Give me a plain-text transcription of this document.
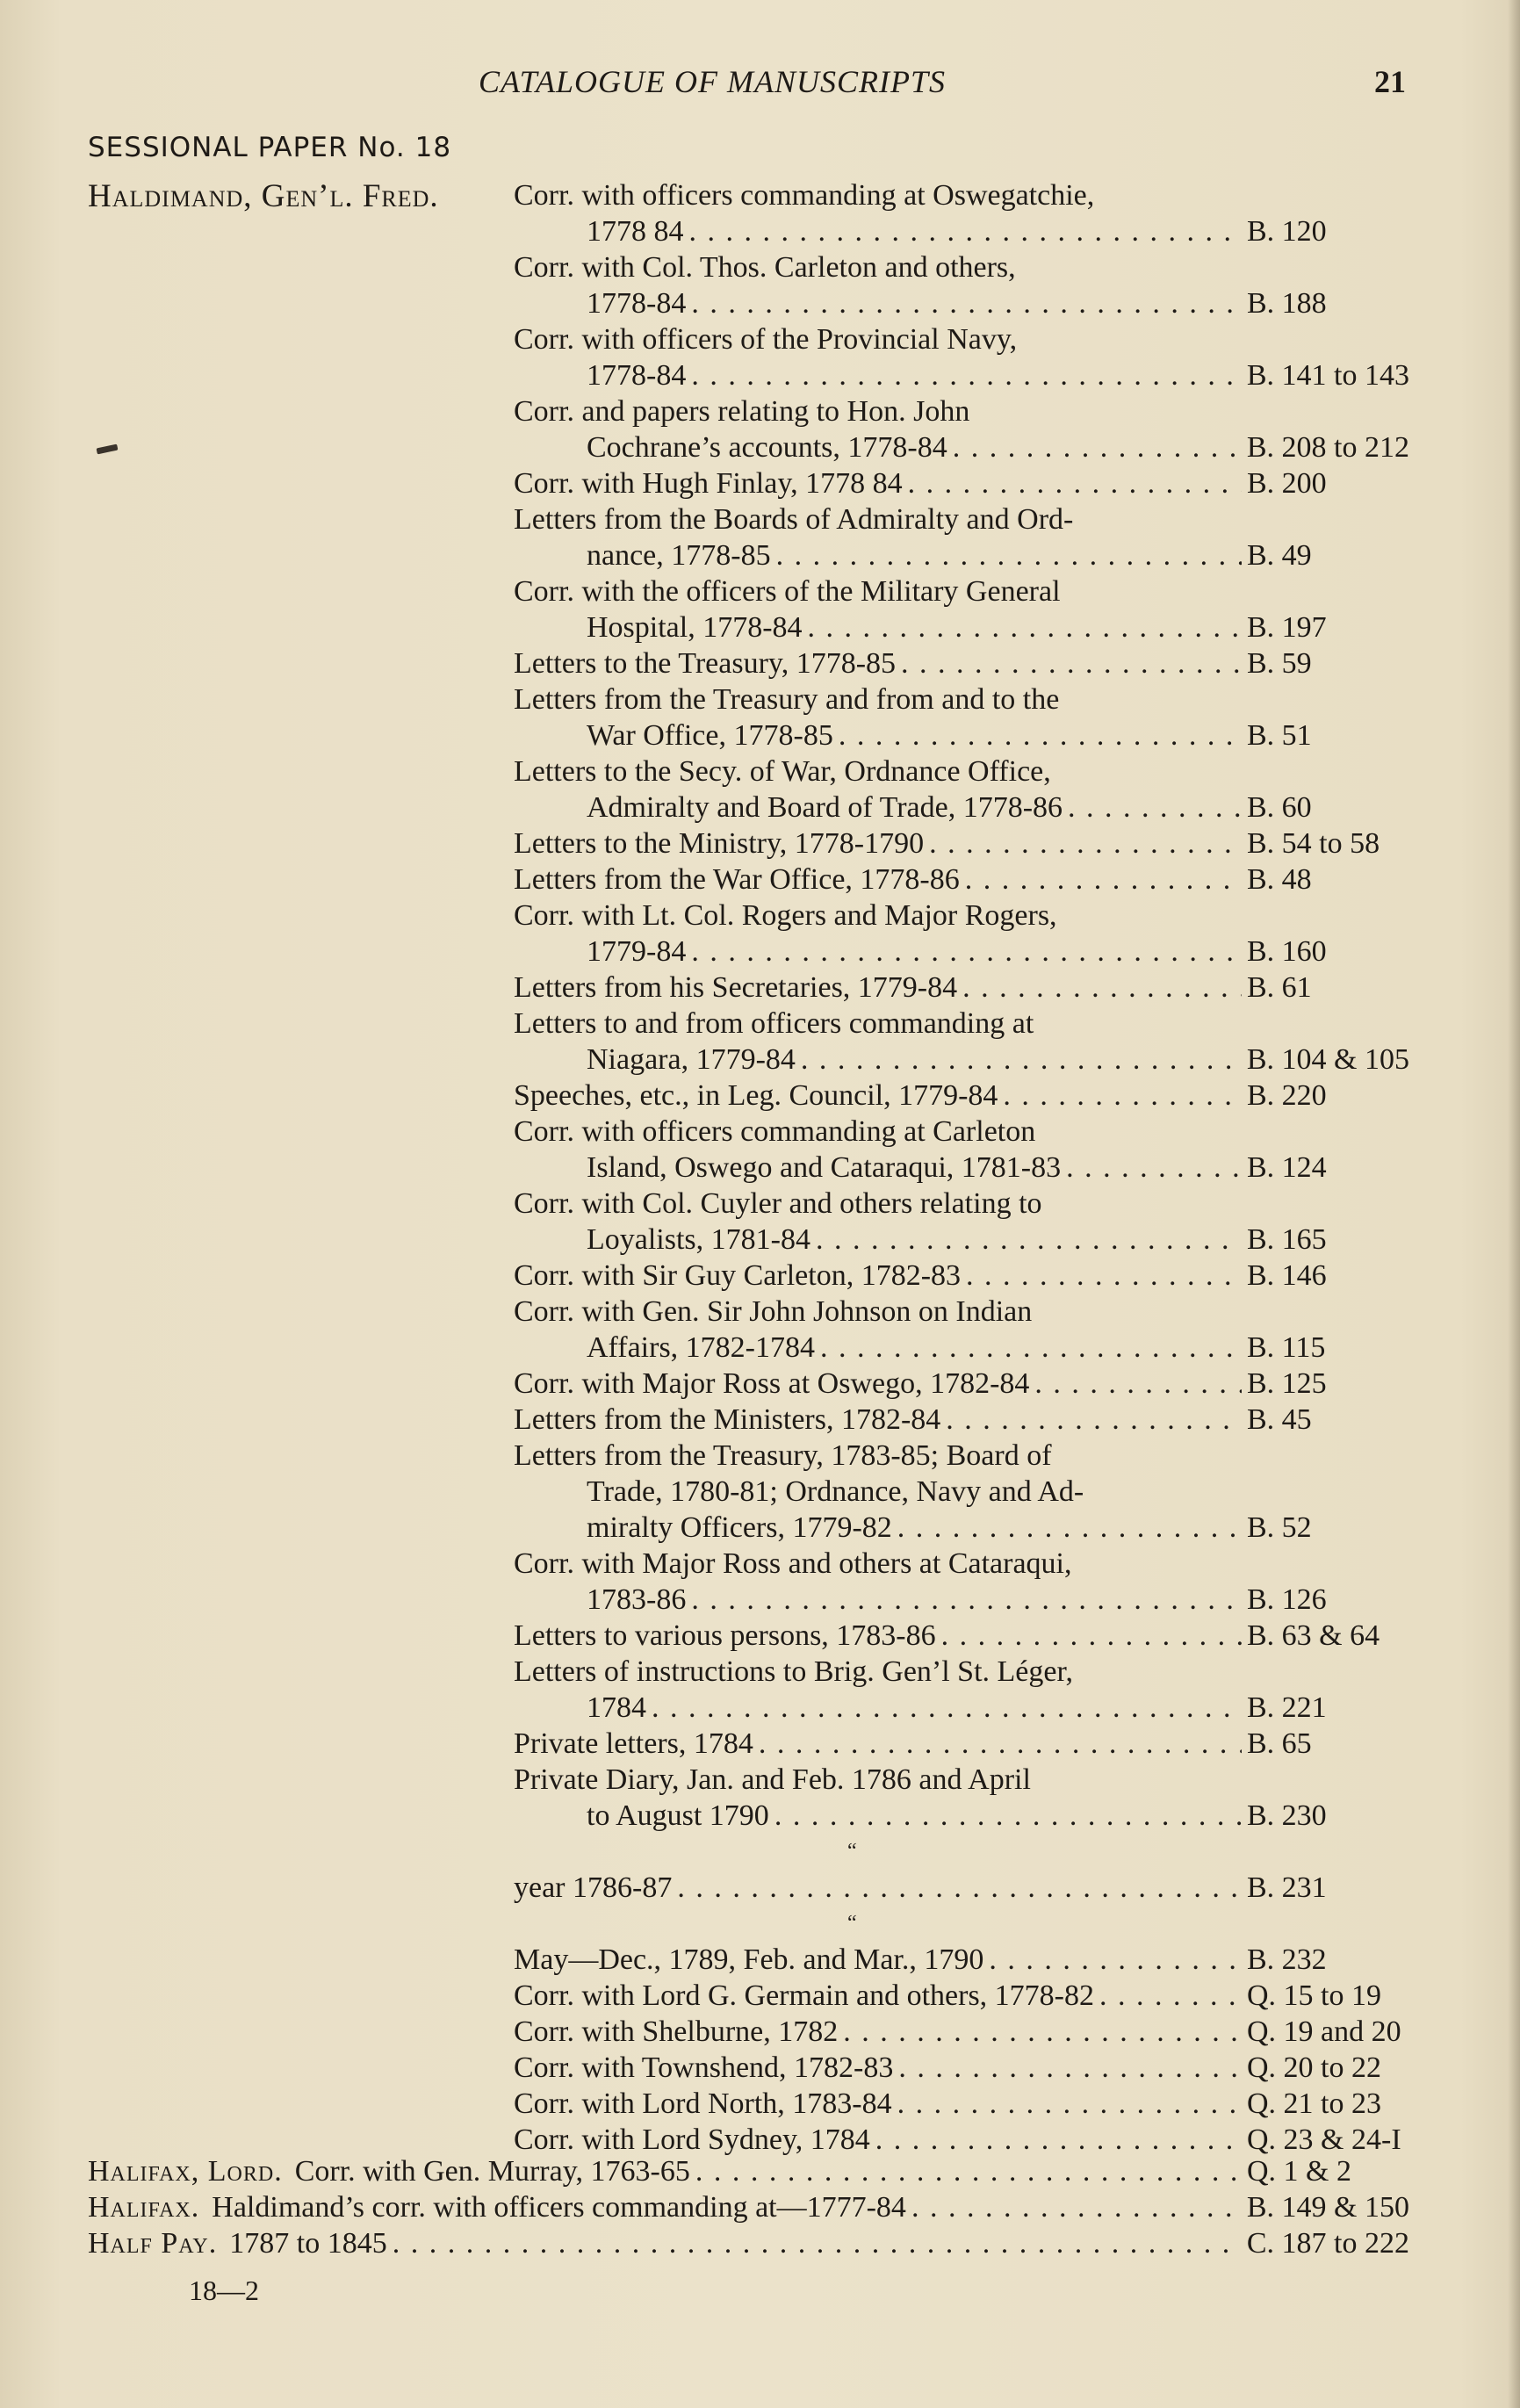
CATALOGUE OF MANUSCRIPTS	21
SESSIONAL PAPER No. 18
Haldimand, Gen’l. Fred.	Corr. with officers commanding at Oswegatchie,
1778 84 . . .	B. 120
Corr. with Col. Thos. Carleton and others,
1778-84 . . .	B. 188
Corr. with officers of the Provincial Navy,
1778-84 . . .	B. 141 to 143
Corr. and papers relating to Hon. John
Cochrane’s accounts, 1778-84 . . .	B. 208 to 212
Corr. with Hugh Finlay, 1778 84 . . .	B. 200
Letters from the Boards of Admiralty and Ord-
nance, 1778-85 . . .	B. 49
Corr. with the officers of the Military General
Hospital, 1778-84 . . .	B. 197
Letters to the Treasury, 1778-85 . . .	B. 59
Letters from the Treasury and from and to the
War Office, 1778-85 . . .	B. 51
Letters to the Secy. of War, Ordnance Office,
Admiralty and Board of Trade, 1778-86 . . .	B. 60
Letters to the Ministry, 1778-1790 . . .	B. 54 to 58
Letters from the War Office, 1778-86 . . .	B. 48
Corr. with Lt. Col. Rogers and Major Rogers,
1779-84 . . .	B. 160
Letters from his Secretaries, 1779-84 . . .	B. 61
Letters to and from officers commanding at
Niagara, 1779-84 . . .	B. 104 & 105
Speeches, etc., in Leg. Council, 1779-84 . . .	B. 220
Corr. with officers commanding at Carleton
Island, Oswego and Cataraqui, 1781-83 . . .	B. 124
Corr. with Col. Cuyler and others relating to
Loyalists, 1781-84 . . .	B. 165
Corr. with Sir Guy Carleton, 1782-83 . . .	B. 146
Corr. with Gen. Sir John Johnson on Indian
Affairs, 1782-1784 . . .	B. 115
Corr. with Major Ross at Oswego, 1782-84 . . .	B. 125
Letters from the Ministers, 1782-84 . . .	B. 45
Letters from the Treasury, 1783-85; Board of
Trade, 1780-81; Ordnance, Navy and Ad-
miralty Officers, 1779-82 . . .	B. 52
Corr. with Major Ross and others at Cataraqui,
1783-86 . . .	B. 126
Letters to various persons, 1783-86 . . .	B. 63 & 64
Letters of instructions to Brig. Gen’l St. Léger,
1784 . . .	B. 221
Private letters, 1784 . . .	B. 65
Private Diary, Jan. and Feb. 1786 and April
to August 1790 . . .	B. 230
“
year 1786-87 . . .	B. 231
“
May—Dec., 1789, Feb. and Mar., 1790 . . .	B. 232
Corr. with Lord G. Germain and others, 1778-82 . . .	Q. 15 to 19
Corr. with Shelburne, 1782 . . .	Q. 19 and 20
Corr. with Townshend, 1782-83 . . .	Q. 20 to 22
Corr. with Lord North, 1783-84 . . .	Q. 21 to 23
Corr. with Lord Sydney, 1784 . . .	Q. 23 & 24-I
Halifax, Lord. Corr. with Gen. Murray, 1763-65 . . .	Q. 1 & 2
Halifax. Haldimand’s corr. with officers commanding at—1777-84 . . .	B. 149 & 150
Half Pay. 1787 to 1845 . . .	C. 187 to 222
18—2
